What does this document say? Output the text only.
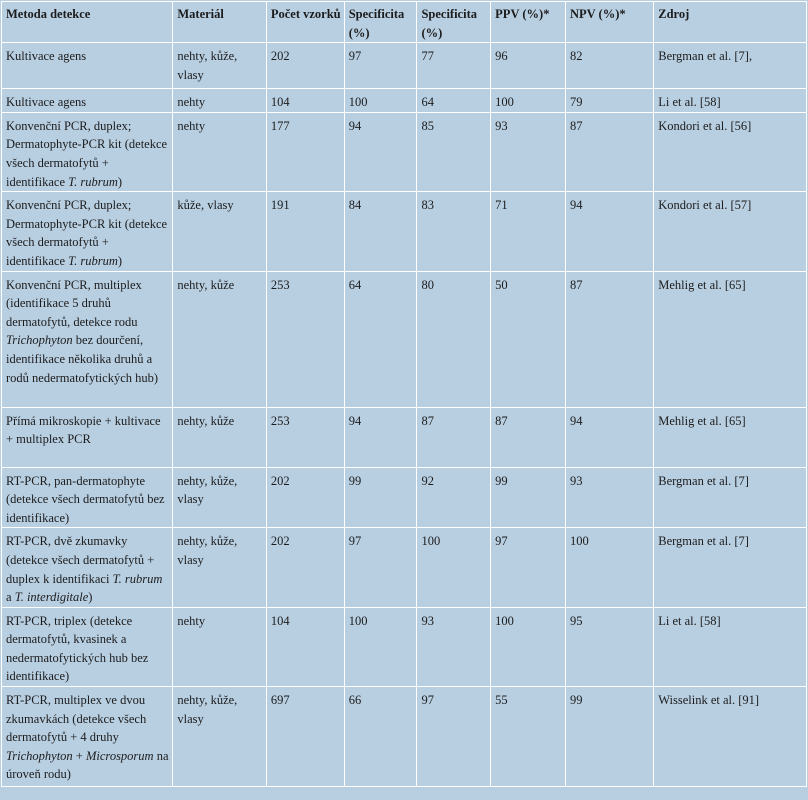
Metoda detekce	Materiál	Počet vzorků	Specificita (%)	Specificita (%)	PPV (%)*	NPV (%)*	Zdroj
Kultivace agens	nehty, kůže, vlasy	202	97	77	96	82	Bergman et al. [7],
Kultivace agens	nehty	104	100	64	100	79	Li et al. [58]
Konvenční PCR, duplex; Dermatophyte-PCR kit (detekce všech dermatofytů + identifikace T. rubrum)	nehty	177	94	85	93	87	Kondori et al. [56]
Konvenční PCR, duplex; Dermatophyte-PCR kit (detekce všech dermatofytů + identifikace T. rubrum)	kůže, vlasy	191	84	83	71	94	Kondori et al. [57]
Konvenční PCR, multiplex (identifikace 5 druhů dermatofytů, detekce rodu Trichophyton bez dourčení, identifikace několika druhů a rodů nedermatofytických hub)	nehty, kůže	253	64	80	50	87	Mehlig et al. [65]
Přímá mikroskopie + kultivace + multiplex PCR	nehty, kůže	253	94	87	87	94	Mehlig et al. [65]
RT-PCR, pan-dermatophyte (detekce všech dermatofytů bez identifikace)	nehty, kůže, vlasy	202	99	92	99	93	Bergman et al. [7]
RT-PCR, dvě zkumavky (detekce všech dermatofytů + duplex k identifikaci T. rubrum a T. interdigitale)	nehty, kůže, vlasy	202	97	100	97	100	Bergman et al. [7]
RT-PCR, triplex (detekce dermatofytů, kvasinek a nedermatofytických hub bez identifikace)	nehty	104	100	93	100	95	Li et al. [58]
RT-PCR, multiplex ve dvou zkumavkách (detekce všech dermatofytů + 4 druhy Trichophyton + Microsporum na úroveň rodu)	nehty, kůže, vlasy	697	66	97	55	99	Wisselink et al. [91]
